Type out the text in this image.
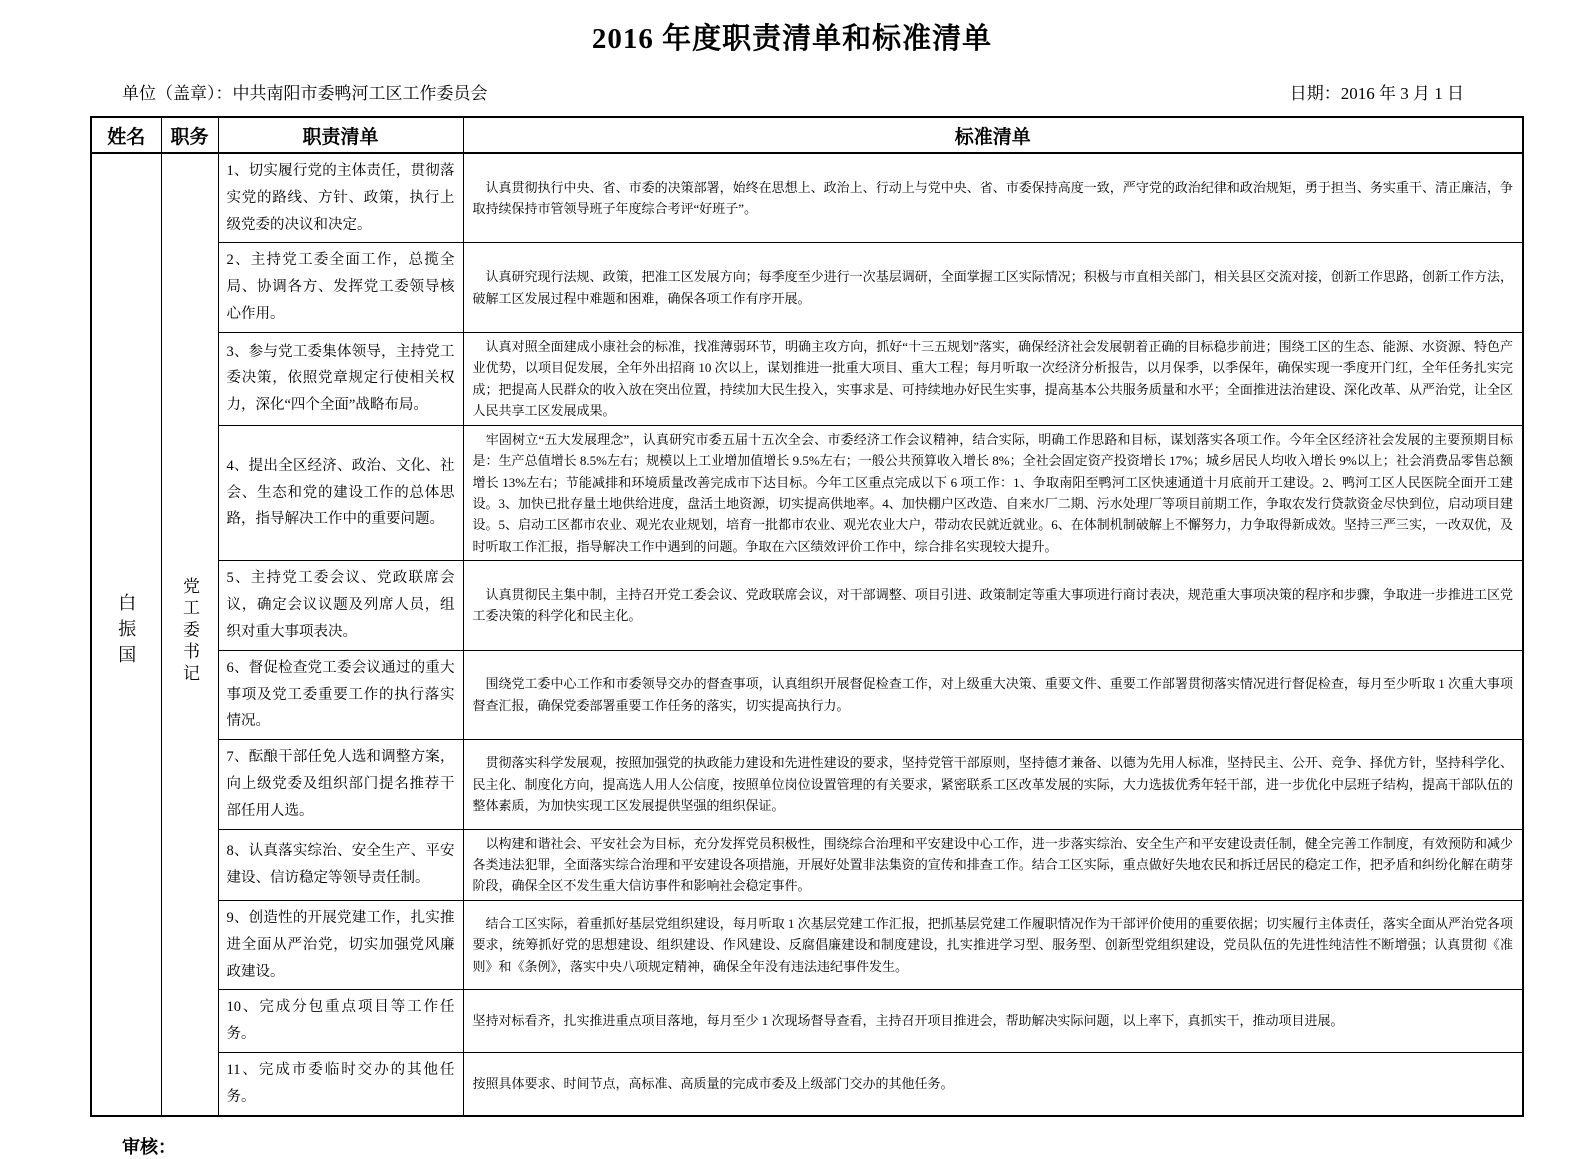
2016 年度职责清单和标准清单
单位（盖章）：中共南阳市委鸭河工区工作委员会	日期：2016 年 3 月 1 日
姓名	职务	职责清单	标准清单
白振国	党工委书记	1、切实履行党的主体责任，贯彻落实党的路线、方针、政策，执行上级党委的决议和决定。	　认真贯彻执行中央、省、市委的决策部署，始终在思想上、政治上、行动上与党中央、省、市委保持高度一致，严守党的政治纪律和政治规矩，勇于担当、务实重干、清正廉洁，争取持续保持市管领导班子年度综合考评“好班子”。
		2、主持党工委全面工作，总揽全局、协调各方、发挥党工委领导核心作用。	　认真研究现行法规、政策，把准工区发展方向；每季度至少进行一次基层调研，全面掌握工区实际情况；积极与市直相关部门，相关县区交流对接，创新工作思路，创新工作方法，破解工区发展过程中难题和困难，确保各项工作有序开展。
		3、参与党工委集体领导，主持党工委决策，依照党章规定行使相关权力，深化“四个全面”战略布局。	　认真对照全面建成小康社会的标准，找准薄弱环节，明确主攻方向，抓好“十三五规划”落实，确保经济社会发展朝着正确的目标稳步前进；围绕工区的生态、能源、水资源、特色产业优势，以项目促发展，全年外出招商 10 次以上，谋划推进一批重大项目、重大工程；每月听取一次经济分析报告，以月保季，以季保年，确保实现一季度开门红，全年任务扎实完成；把提高人民群众的收入放在突出位置，持续加大民生投入，实事求是、可持续地办好民生实事，提高基本公共服务质量和水平；全面推进法治建设、深化改革、从严治党，让全区人民共享工区发展成果。
		4、提出全区经济、政治、文化、社会、生态和党的建设工作的总体思路，指导解决工作中的重要问题。	　牢固树立“五大发展理念”，认真研究市委五届十五次全会、市委经济工作会议精神，结合实际，明确工作思路和目标，谋划落实各项工作。今年全区经济社会发展的主要预期目标是：生产总值增长 8.5%左右；规模以上工业增加值增长 9.5%左右；一般公共预算收入增长 8%；全社会固定资产投资增长 17%；城乡居民人均收入增长 9%以上；社会消费品零售总额增长 13%左右；节能减排和环境质量改善完成市下达目标。今年工区重点完成以下 6 项工作：1、争取南阳至鸭河工区快速通道十月底前开工建设。2、鸭河工区人民医院全面开工建设。3、加快已批存量土地供给进度，盘活土地资源，切实提高供地率。4、加快棚户区改造、自来水厂二期、污水处理厂等项目前期工作，争取农发行贷款资金尽快到位，启动项目建设。5、启动工区都市农业、观光农业规划，培育一批都市农业、观光农业大户，带动农民就近就业。6、在体制机制破解上不懈努力，力争取得新成效。坚持三严三实，一改双优，及时听取工作汇报，指导解决工作中遇到的问题。争取在六区绩效评价工作中，综合排名实现较大提升。
		5、主持党工委会议、党政联席会议，确定会议议题及列席人员，组织对重大事项表决。	　认真贯彻民主集中制，主持召开党工委会议、党政联席会议，对干部调整、项目引进、政策制定等重大事项进行商讨表决，规范重大事项决策的程序和步骤，争取进一步推进工区党工委决策的科学化和民主化。
		6、督促检查党工委会议通过的重大事项及党工委重要工作的执行落实情况。	　围绕党工委中心工作和市委领导交办的督查事项，认真组织开展督促检查工作，对上级重大决策、重要文件、重要工作部署贯彻落实情况进行督促检查，每月至少听取 1 次重大事项督查汇报，确保党委部署重要工作任务的落实，切实提高执行力。
		7、酝酿干部任免人选和调整方案，向上级党委及组织部门提名推荐干部任用人选。	　贯彻落实科学发展观，按照加强党的执政能力建设和先进性建设的要求，坚持党管干部原则，坚持德才兼备、以德为先用人标准，坚持民主、公开、竞争、择优方针，坚持科学化、民主化、制度化方向，提高选人用人公信度，按照单位岗位设置管理的有关要求，紧密联系工区改革发展的实际，大力选拔优秀年轻干部，进一步优化中层班子结构，提高干部队伍的整体素质，为加快实现工区发展提供坚强的组织保证。
		8、认真落实综治、安全生产、平安建设、信访稳定等领导责任制。	　以构建和谐社会、平安社会为目标，充分发挥党员积极性，围绕综合治理和平安建设中心工作，进一步落实综治、安全生产和平安建设责任制，健全完善工作制度，有效预防和减少各类违法犯罪，全面落实综合治理和平安建设各项措施，开展好处置非法集资的宣传和排查工作。结合工区实际，重点做好失地农民和拆迁居民的稳定工作，把矛盾和纠纷化解在萌芽阶段，确保全区不发生重大信访事件和影响社会稳定事件。
		9、创造性的开展党建工作，扎实推进全面从严治党，切实加强党风廉政建设。	　结合工区实际，着重抓好基层党组织建设，每月听取 1 次基层党建工作汇报，把抓基层党建工作履职情况作为干部评价使用的重要依据；切实履行主体责任，落实全面从严治党各项要求，统筹抓好党的思想建设、组织建设、作风建设、反腐倡廉建设和制度建设，扎实推进学习型、服务型、创新型党组织建设，党员队伍的先进性纯洁性不断增强；认真贯彻《准则》和《条例》，落实中央八项规定精神，确保全年没有违法违纪事件发生。
		10、完成分包重点项目等工作任务。	坚持对标看齐，扎实推进重点项目落地，每月至少 1 次现场督导查看，主持召开项目推进会，帮助解决实际问题，以上率下，真抓实干，推动项目进展。
		11、完成市委临时交办的其他任务。	按照具体要求、时间节点，高标准、高质量的完成市委及上级部门交办的其他任务。
审核：
